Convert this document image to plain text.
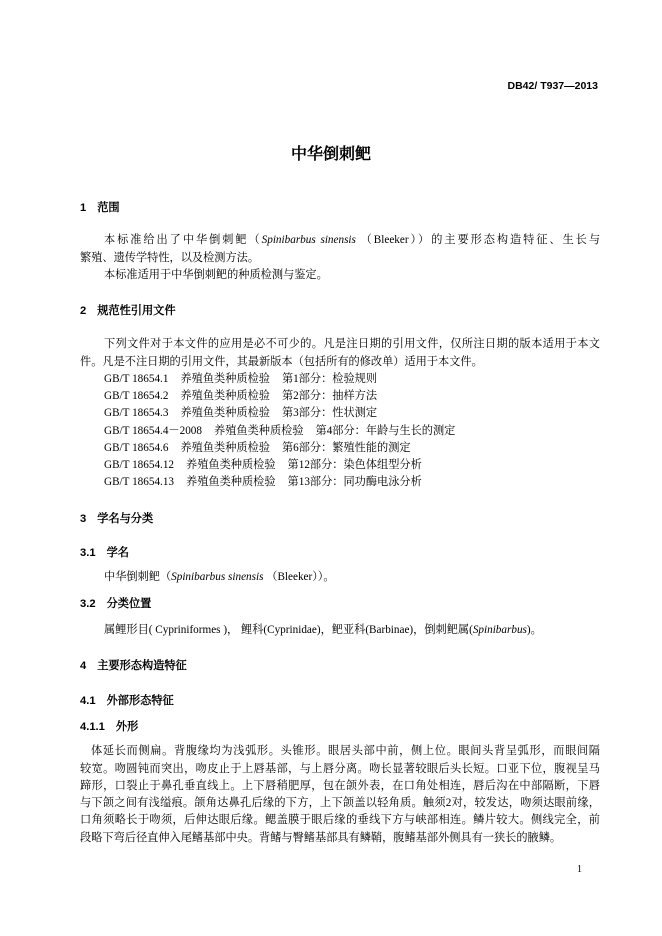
DB42/ T937—2013
中华倒刺鲃
1 范围
本标准给出了中华倒刺鲃（Spinibarbus sinensis （Bleeker））的主要形态构造特征、生长与
繁殖、遗传学特性，以及检测方法。
本标准适用于中华倒刺鲃的种质检测与鉴定。
2 规范性引用文件
下列文件对于本文件的应用是必不可少的。凡是注日期的引用文件，仅所注日期的版本适用于本文
件。凡是不注日期的引用文件，其最新版本（包括所有的修改单）适用于本文件。
GB/T 18654.1 养殖鱼类种质检验 第1部分：检验规则
GB/T 18654.2 养殖鱼类种质检验 第2部分：抽样方法
GB/T 18654.3 养殖鱼类种质检验 第3部分：性状测定
GB/T 18654.4－2008 养殖鱼类种质检验 第4部分：年龄与生长的测定
GB/T 18654.6 养殖鱼类种质检验 第6部分：繁殖性能的测定
GB/T 18654.12 养殖鱼类种质检验 第12部分：染色体组型分析
GB/T 18654.13 养殖鱼类种质检验 第13部分：同功酶电泳分析
3 学名与分类
3.1 学名
中华倒刺鲃（Spinibarbus sinensis （Bleeker））。
3.2 分类位置
属鲤形目( Cypriniformes )， 鲤科(Cyprinidae)，鲃亚科(Barbinae)，倒刺鲃属(Spinibarbus)。
4 主要形态构造特征
4.1 外部形态特征
4.1.1 外形
体延长而侧扁。背腹缘均为浅弧形。头锥形。眼居头部中前，侧上位。眼间头背呈弧形，而眼间隔
较宽。吻圆钝而突出，吻皮止于上唇基部，与上唇分离。吻长显著较眼后头长短。口亚下位，腹视呈马
蹄形，口裂止于鼻孔垂直线上。上下唇稍肥厚，包在颌外表，在口角处相连，唇后沟在中部隔断，下唇
与下颌之间有浅缢痕。颌角达鼻孔后缘的下方，上下颌盖以轻角质。触须2对，较发达，吻须达眼前缘，
口角须略长于吻须，后伸达眼后缘。鳃盖膜于眼后缘的垂线下方与峡部相连。鳞片较大。侧线完全，前
段略下弯后径直伸入尾鳍基部中央。背鳍与臀鳍基部具有鳞鞘，腹鳍基部外侧具有一狭长的腋鳞。
1
